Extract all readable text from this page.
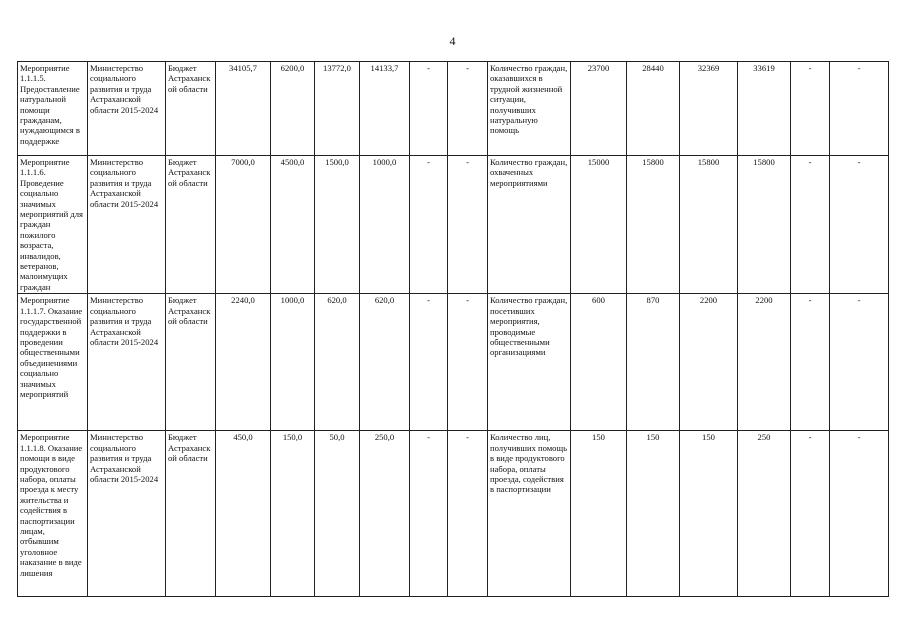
4
Мероприятие 1.1.1.5. Предоставление натуральной помощи гражданам, нуждающимся в поддержке	Министерство социального развития и труда Астраханской области 2015-2024	Бюджет Астраханской области	34105,7	6200,0	13772,0	14133,7	-	-	Количество граждан, оказавшихся в трудной жизненной ситуации, получивших натуральную помощь	23700	28440	32369	33619	-	-

Мероприятие 1.1.1.6. Проведение социально значимых мероприятий для граждан пожилого возраста, инвалидов, ветеранов, малоимущих граждан	Министерство социального развития и труда Астраханской области 2015-2024	Бюджет Астраханской области	7000,0	4500,0	1500,0	1000,0	-	-	Количество граждан, охваченных мероприятиями	15000	15800	15800	15800	-	-

Мероприятие 1.1.1.7. Оказание государственной поддержки в проведении общественными объединениями социально значимых мероприятий	Министерство социального развития и труда Астраханской области 2015-2024	Бюджет Астраханской области	2240,0	1000,0	620,0	620,0	-	-	Количество граждан, посетивших мероприятия, проводимые общественными организациями	600	870	2200	2200	-	-

Мероприятие 1.1.1.8. Оказание помощи в виде продуктового набора, оплаты проезда к месту жительства и содействия в паспортизации лицам, отбывшим уголовное наказание в виде лишения	Министерство социального развития и труда Астраханской области 2015-2024	Бюджет Астраханской области	450,0	150,0	50,0	250,0	-	-	Количество лиц, получивших помощь в виде продуктового набора, оплаты проезда, содействия в паспортизации	150	150	150	250	-	-
